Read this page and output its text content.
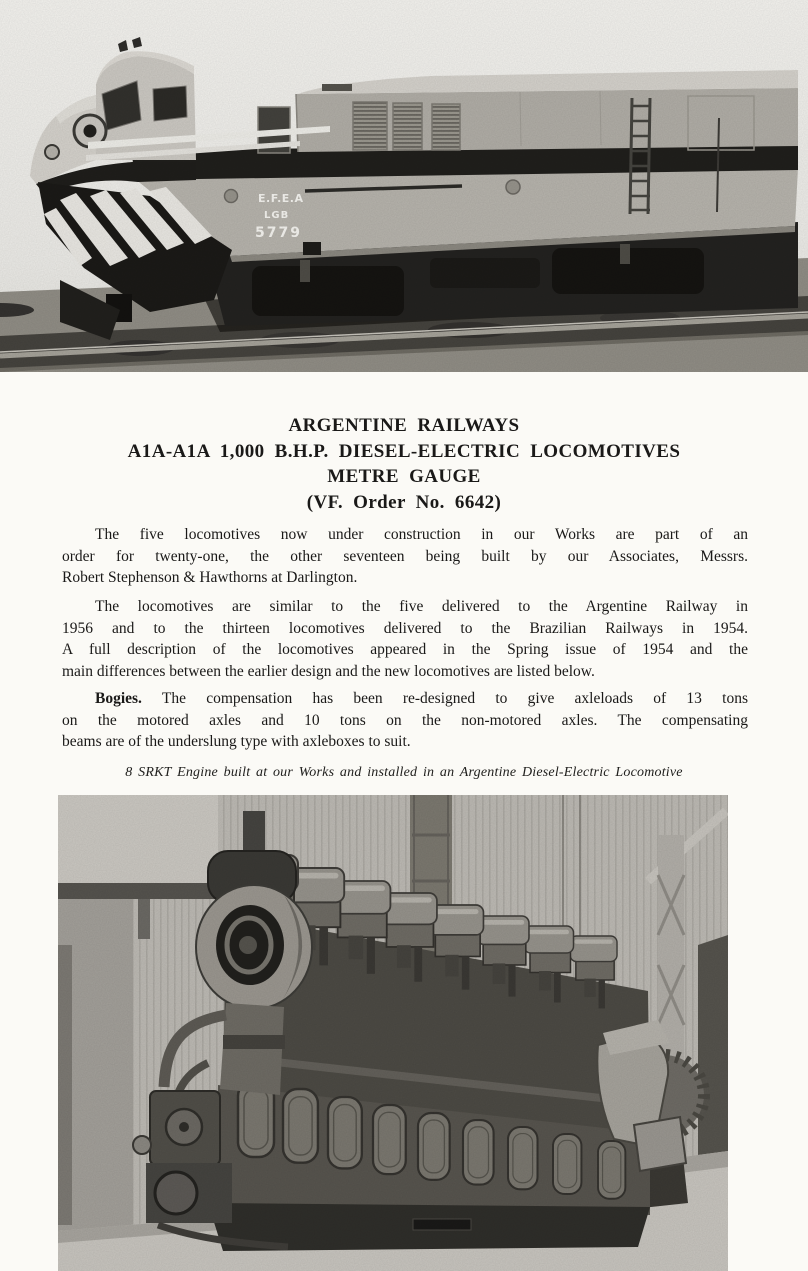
E.F.E.A
LGB
5779
ARGENTINE RAILWAYS
A1A-A1A 1,000 B.H.P. DIESEL-ELECTRIC LOCOMOTIVES
METRE GAUGE
(VF. Order No. 6642)
The five locomotives now under construction in our Works are part of an
order for twenty-one, the other seventeen being built by our Associates, Messrs.
Robert Stephenson & Hawthorns at Darlington.
The locomotives are similar to the five delivered to the Argentine Railway in
1956 and to the thirteen locomotives delivered to the Brazilian Railways in 1954.
A full description of the locomotives appeared in the Spring issue of 1954 and the
main differences between the earlier design and the new locomotives are listed below.
Bogies. The compensation has been re-designed to give axleloads of 13 tons
on the motored axles and 10 tons on the non-motored axles. The compensating
beams are of the underslung type with axleboxes to suit.
8 SRKT Engine built at our Works and installed in an Argentine Diesel-Electric Locomotive
